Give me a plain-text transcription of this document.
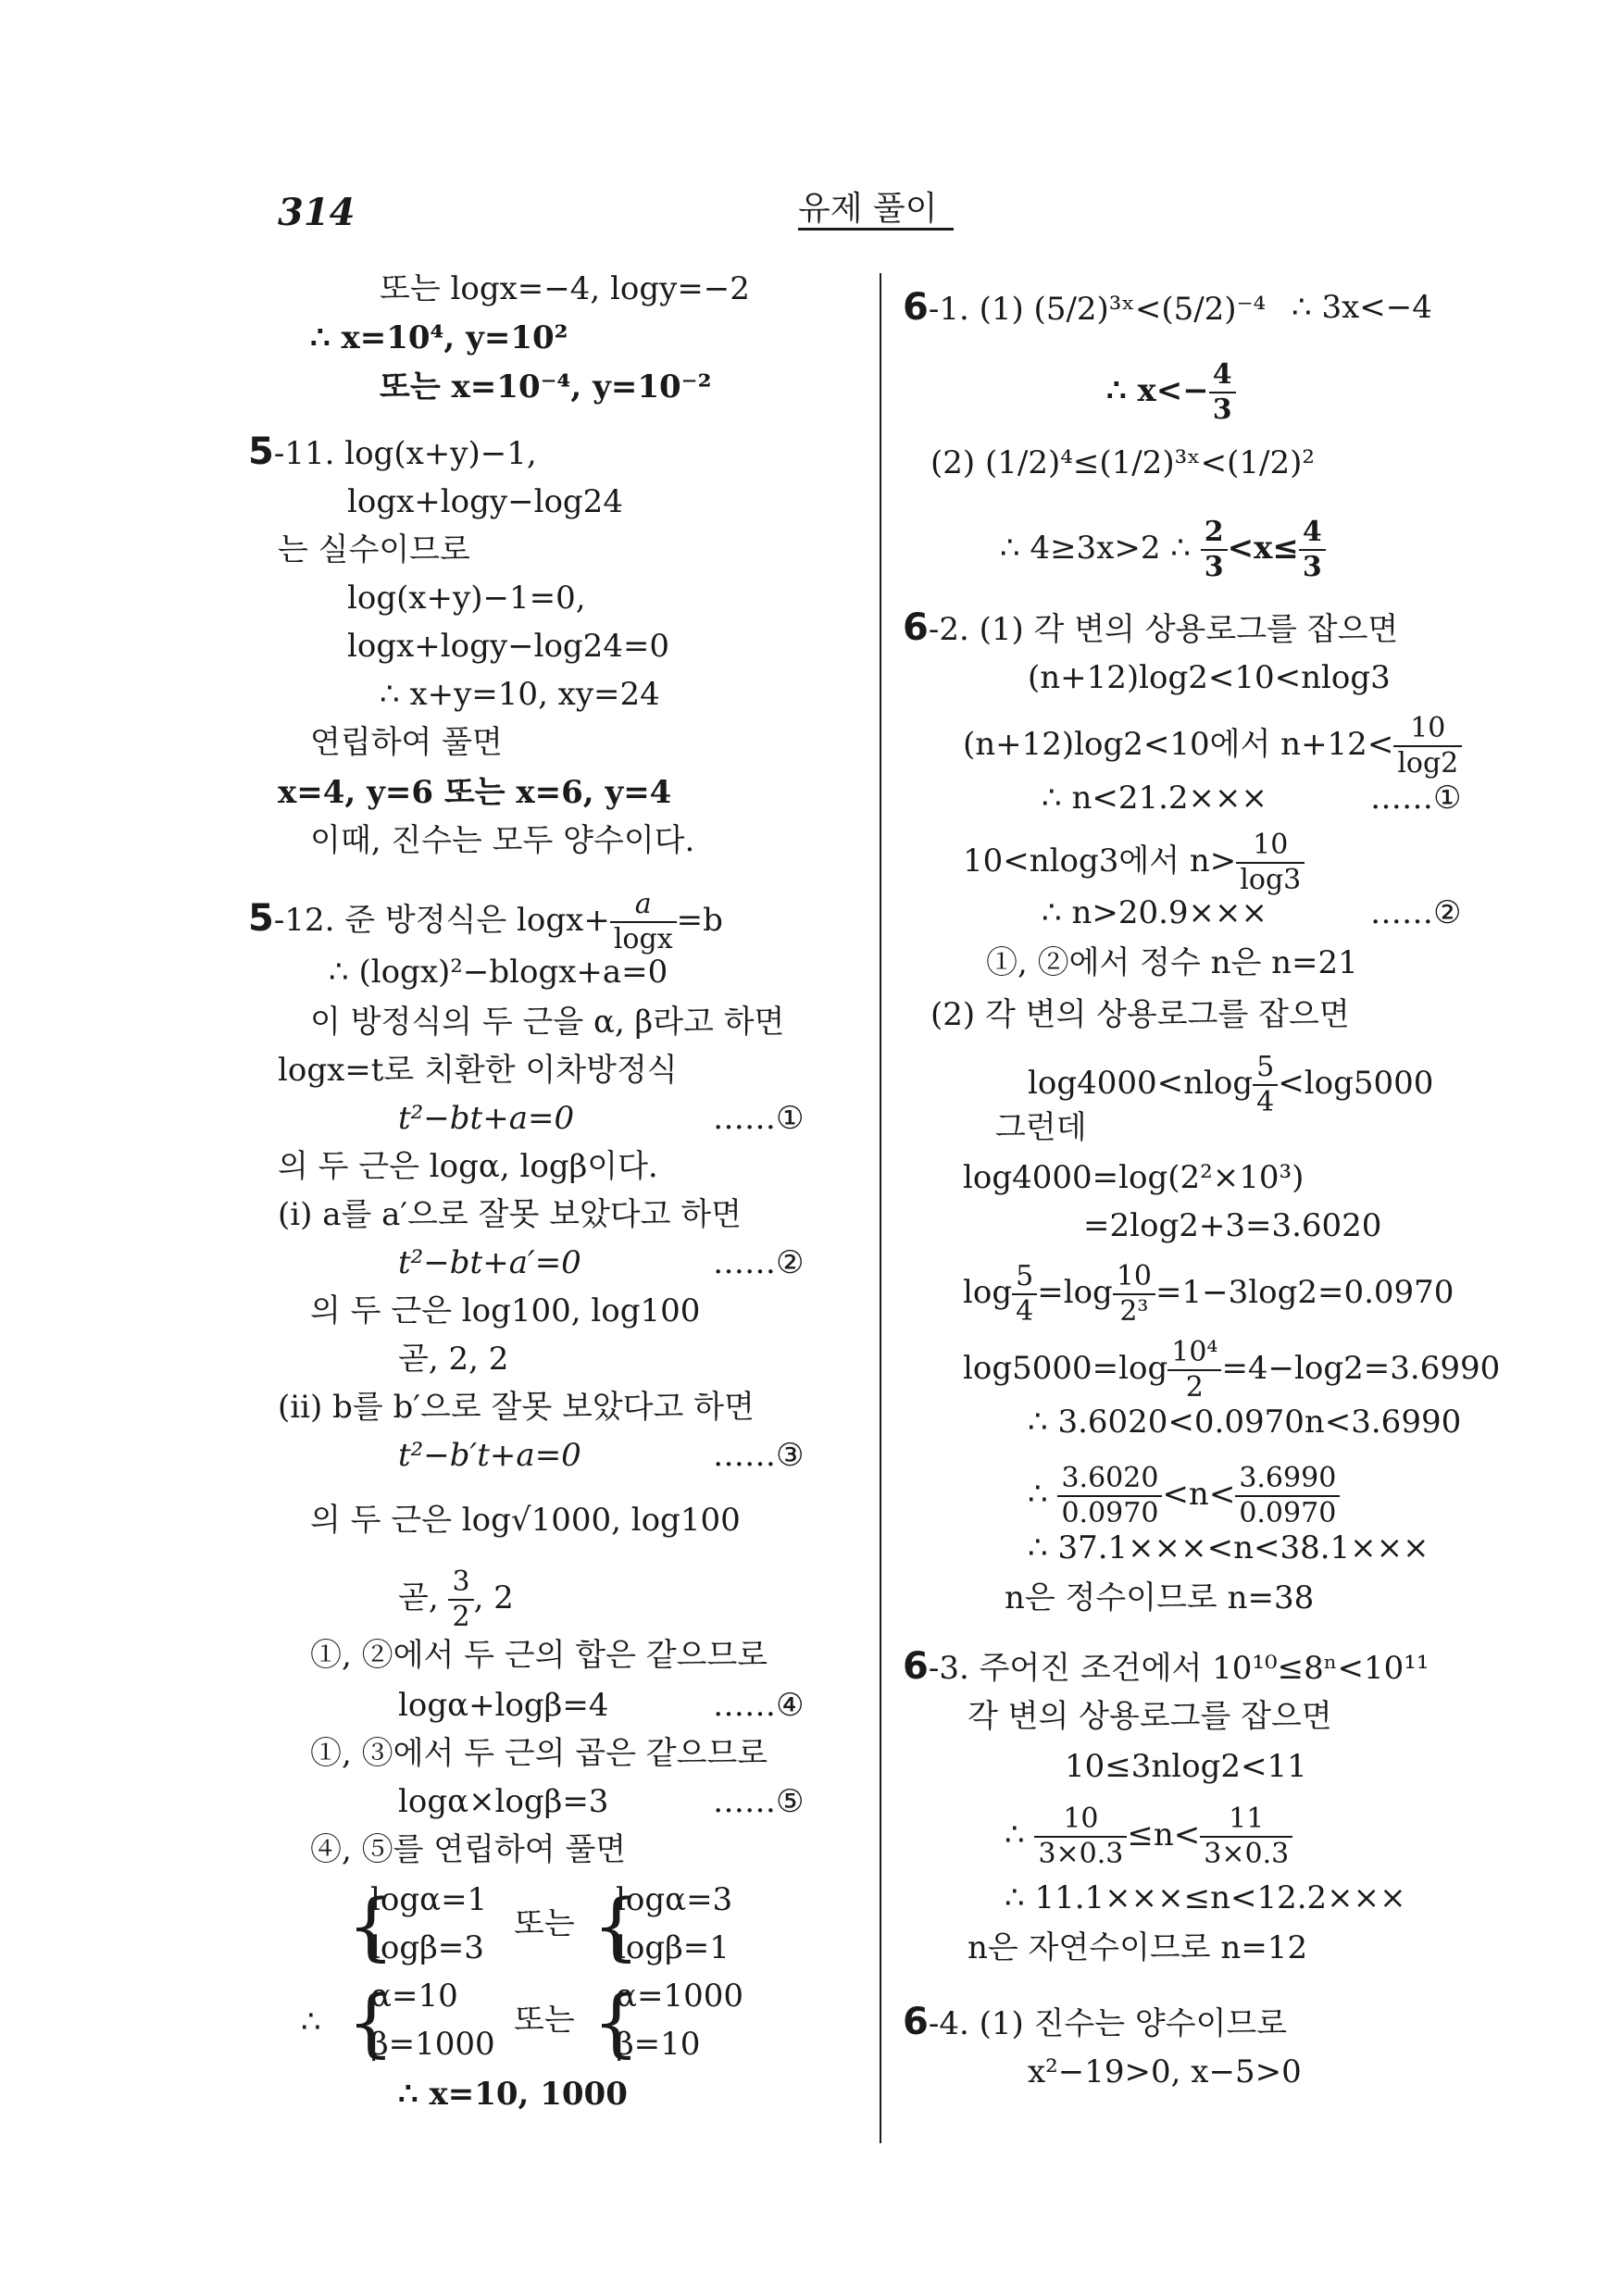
314	유제 풀이
또는 logx=−4, logy=−2
∴ x=10⁴, y=10²
또는 x=10⁻⁴, y=10⁻²
5-11. log(x+y)−1,
logx+logy−log24
는 실수이므로
log(x+y)−1=0,
logx+logy−log24=0
∴ x+y=10, xy=24
연립하여 풀면
x=4, y=6 또는 x=6, y=4
이때, 진수는 모두 양수이다.
5-12. 준 방정식은 $\log x+ \frac{a}{\log x} =b$
∴ (logx)²−blogx+a=0
이 방정식의 두 근을 α, β라고 하면
logx=t로 치환한 이차방정식
t²−bt+a=0	……①
의 두 근은 logα, logβ이다.
(i) a를 a′으로 잘못 보았다고 하면
t²−bt+a′=0	……②
의 두 근은 log100, log100
곧, 2, 2
(ii) b를 b′으로 잘못 보았다고 하면
t²−b′t+a=0	……③
의 두 근은 log√1000, log100
곧, $\frac{3}{2}$ , 2
①, ②에서 두 근의 합은 같으므로
logα+logβ=4	……④
①, ③에서 두 근의 곱은 같으므로
logα×logβ=3	……⑤
④, ⑤를 연립하여 풀면
{
logα=1
또는 {
logα=3
logβ=3	logβ=1
∴ {
α=10
또는 {
α=1000
β=1000	β=10
∴ x=10, 1000
6-1. (1) (5/2)³ˣ<(5/2)⁻⁴ ∴ 3x<−4
∴ $x<- \frac{4}{3}$
(2) (1/2)⁴≤(1/2)³ˣ<(1/2)²
∴ 4≥3x>2 ∴ $\frac{2}{3} <x\le \frac{4}{3}$
6-2. (1) 각 변의 상용로그를 잡으면
(n+12)log2<10<nlog3
(n+12)log2<10에서 $n+12< \frac{10}{\log 2}$
∴ n<21.2×××	……①
10<nlog3에서 $n> \frac{10}{\log 3}$
∴ n>20.9×××	……②
①, ②에서 정수 n은 n=21
(2) 각 변의 상용로그를 잡으면
$\log 4000<nlog \frac{5}{4} <\log 5000$
그런데
log4000=log(2²×10³)
=2log2+3=3.6020
$\log \frac{5}{4} =\log \frac{10}{\text{2³}} =1-3\log 2=0.0970$
$\log 5000=\log \frac{\text{10⁴}}{2} =4-\log 2=3.6990$
∴ 3.6020<0.0970n<3.6990
∴ $\frac{3.6020}{0.0970} <n< \frac{3.6990}{0.0970}$
∴ 37.1×××<n<38.1×××
n은 정수이므로 n=38
6-3. 주어진 조건에서 10¹⁰≤8ⁿ<10¹¹
각 변의 상용로그를 잡으면
10≤3nlog2<11
∴ $\frac{10}{3\times 0.3} \le n< \frac{11}{3\times 0.3}$
∴ 11.1×××≤n<12.2×××
n은 자연수이므로 n=12
6-4. (1) 진수는 양수이므로
x²−19>0, x−5>0
